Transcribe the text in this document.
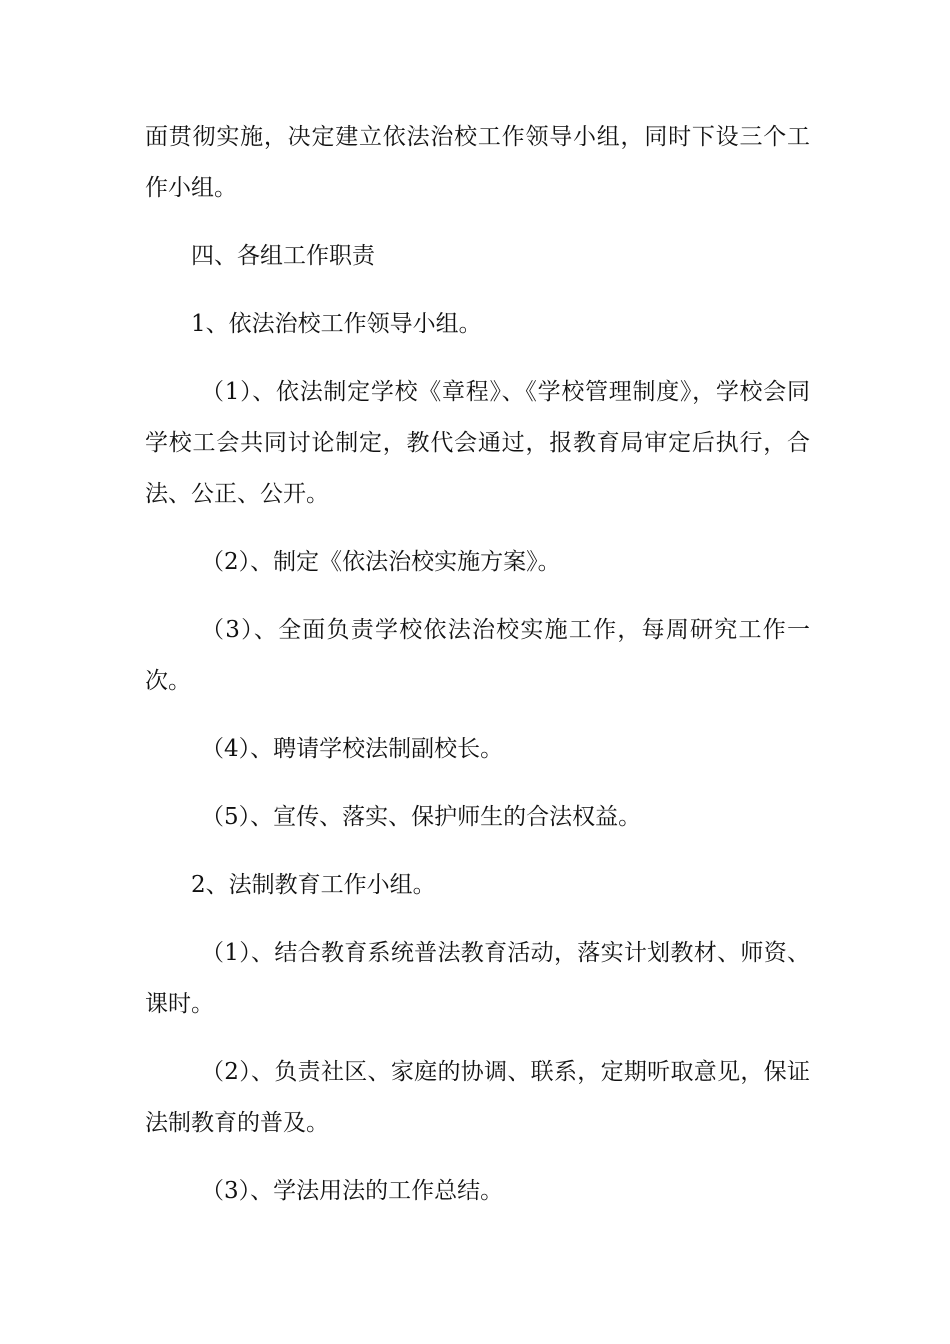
面贯彻实施，决定建立依法治校工作领导小组，同时下设三个工作小组。

四、各组工作职责

1、依法治校工作领导小组。

（1）、依法制定学校《章程》、《学校管理制度》，学校会同学校工会共同讨论制定，教代会通过，报教育局审定后执行，合法、公正、公开。

（2）、制定《依法治校实施方案》。

（3）、全面负责学校依法治校实施工作，每周研究工作一次。

（4）、聘请学校法制副校长。

（5）、宣传、落实、保护师生的合法权益。

2、法制教育工作小组。

（1）、结合教育系统普法教育活动，落实计划教材、师资、课时。

（2）、负责社区、家庭的协调、联系，定期听取意见，保证法制教育的普及。

（3）、学法用法的工作总结。
